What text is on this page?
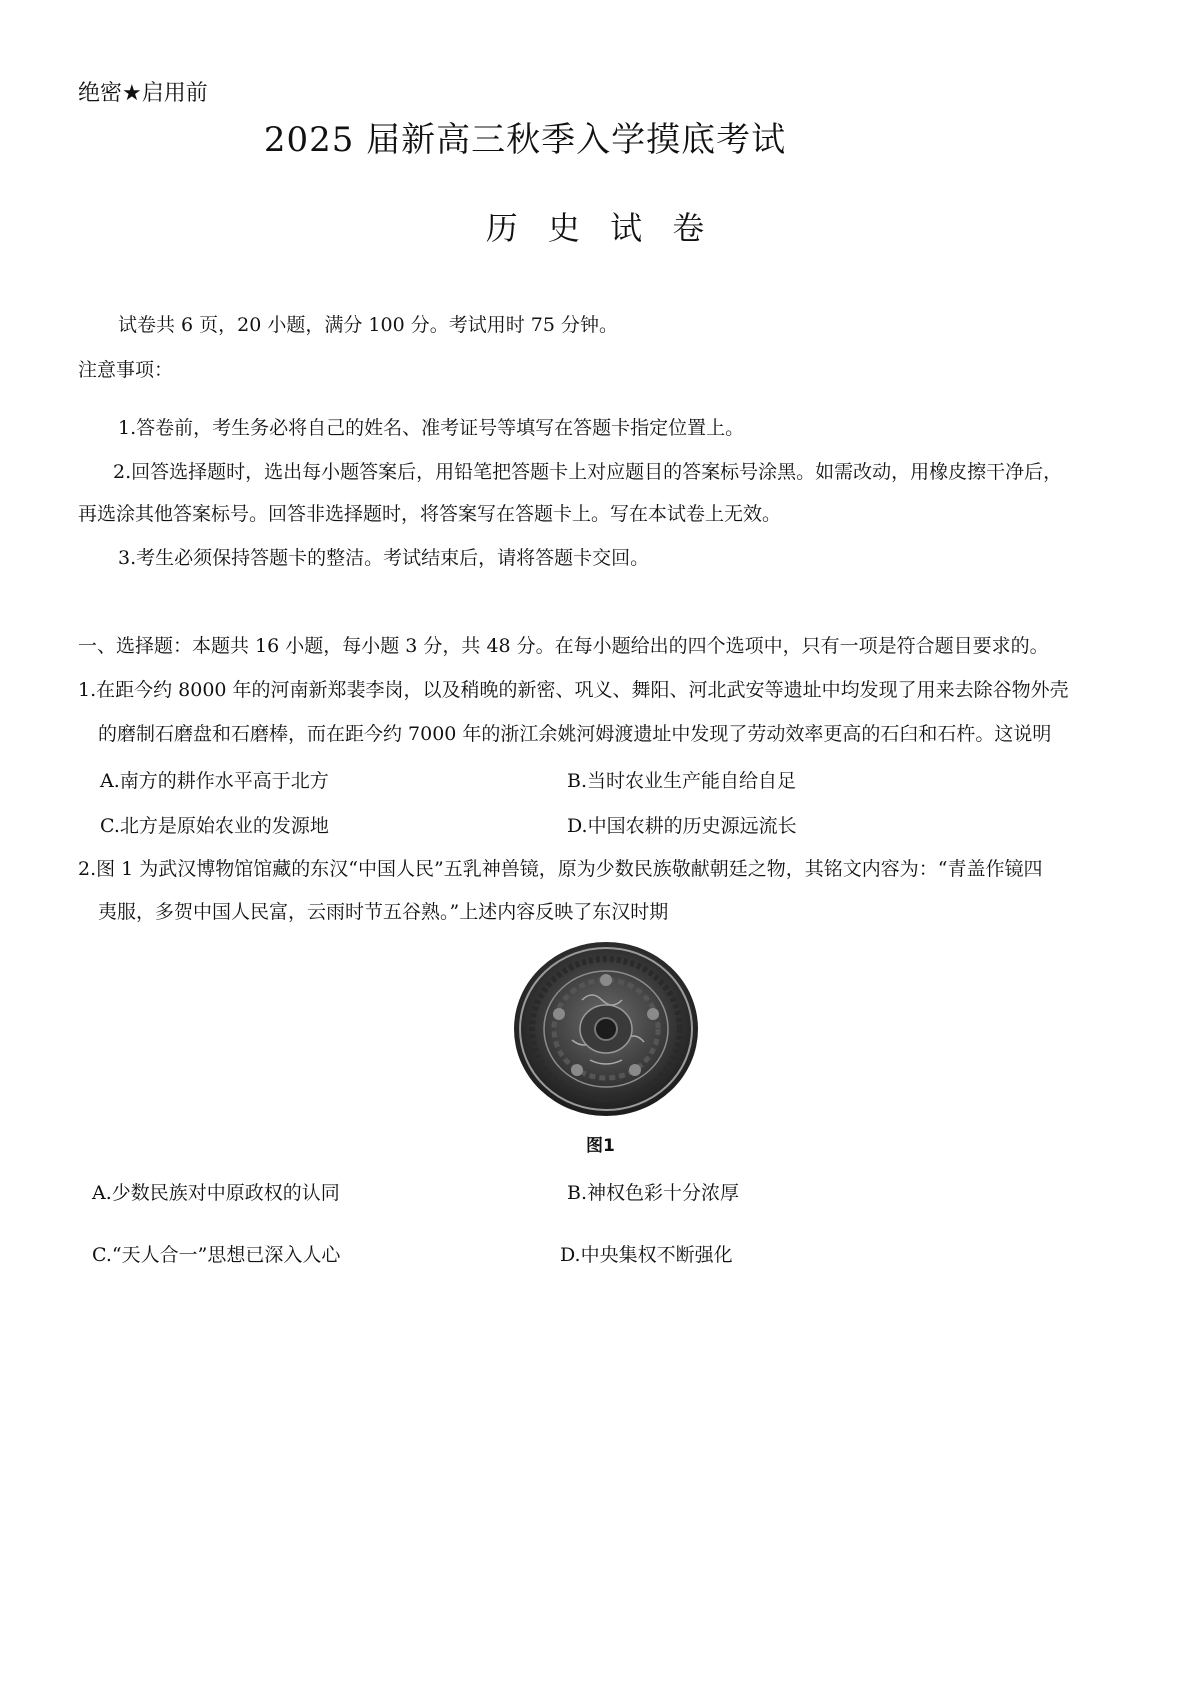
绝密★启用前
2025 届新高三秋季入学摸底考试
历 史 试 卷
试卷共 6 页，20 小题，满分 100 分。考试用时 75 分钟。
注意事项：
1.答卷前，考生务必将自己的姓名、准考证号等填写在答题卡指定位置上。
2.回答选择题时，选出每小题答案后，用铅笔把答题卡上对应题目的答案标号涂黑。如需改动，用橡皮擦干净后，
再选涂其他答案标号。回答非选择题时，将答案写在答题卡上。写在本试卷上无效。
3.考生必须保持答题卡的整洁。考试结束后，请将答题卡交回。
一、选择题：本题共 16 小题，每小题 3 分，共 48 分。在每小题给出的四个选项中，只有一项是符合题目要求的。
1.在距今约 8000 年的河南新郑裴李岗，以及稍晚的新密、巩义、舞阳、河北武安等遗址中均发现了用来去除谷物外壳
的磨制石磨盘和石磨棒，而在距今约 7000 年的浙江余姚河姆渡遗址中发现了劳动效率更高的石臼和石杵。这说明
A.南方的耕作水平高于北方	B.当时农业生产能自给自足
C.北方是原始农业的发源地	D.中国农耕的历史源远流长
2.图 1 为武汉博物馆馆藏的东汉“中国人民”五乳神兽镜，原为少数民族敬献朝廷之物，其铭文内容为：“青盖作镜四
夷服，多贺中国人民富，云雨时节五谷熟。”上述内容反映了东汉时期
图1
A.少数民族对中原政权的认同	B.神权色彩十分浓厚
C.“天人合一”思想已深入人心	D.中央集权不断强化
